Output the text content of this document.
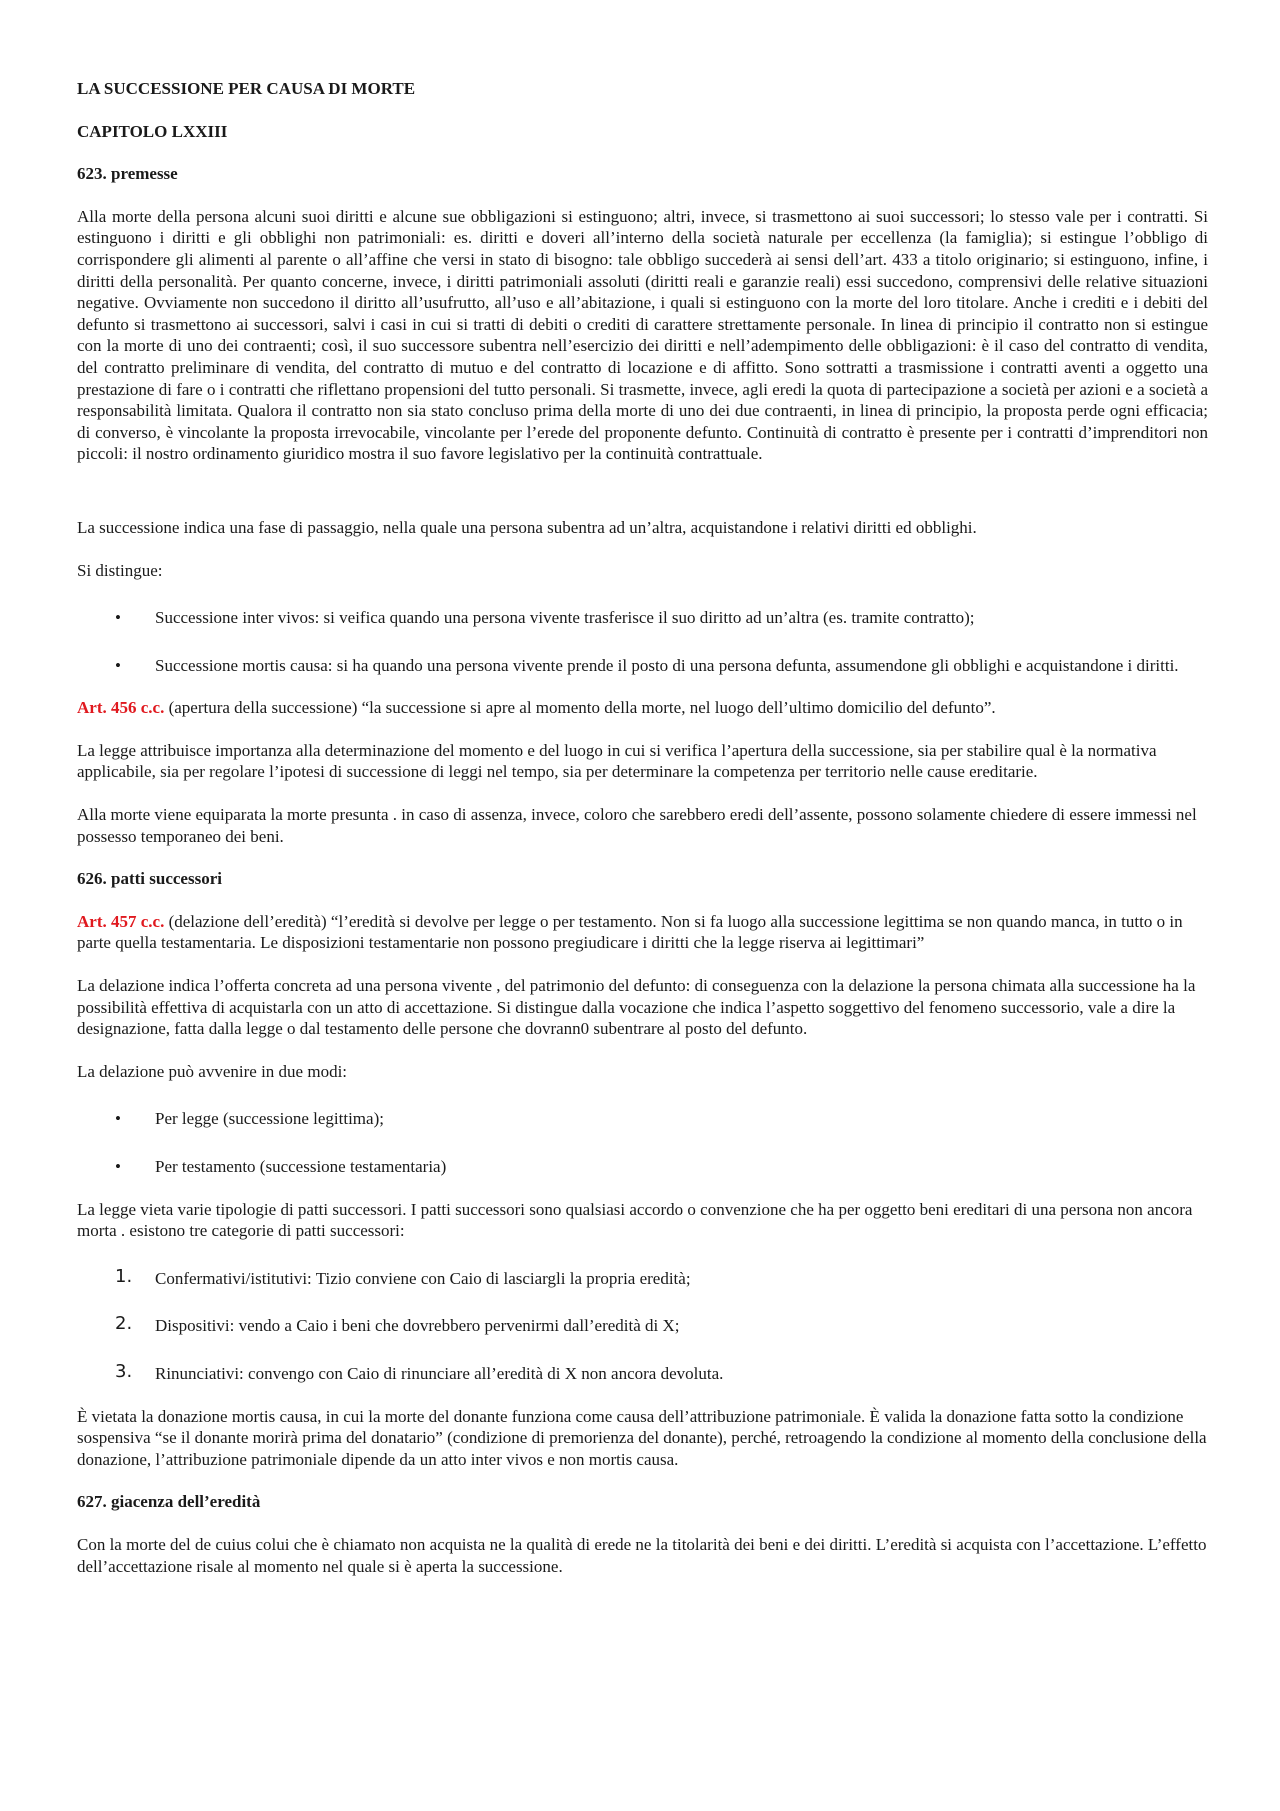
LA SUCCESSIONE PER CAUSA DI MORTE
CAPITOLO LXXIII
623. premesse

Alla morte della persona alcuni suoi diritti e alcune sue obbligazioni si estinguono; altri, invece, si trasmettono ai suoi successori; lo stesso vale per i contratti. Si estinguono i diritti e gli obblighi non patrimoniali: es. diritti e doveri all’interno della società naturale per eccellenza (la famiglia); si estingue l’obbligo di corrispondere gli alimenti al parente o all’affine che versi in stato di bisogno: tale obbligo succederà ai sensi dell’art. 433 a titolo originario; si estinguono, infine, i diritti della personalità. Per quanto concerne, invece, i diritti patrimoniali assoluti (diritti reali e garanzie reali) essi succedono, comprensivi delle relative situazioni negative. Ovviamente non succedono il diritto all’usufrutto, all’uso e all’abitazione, i quali si estinguono con la morte del loro titolare. Anche i crediti e i debiti del defunto si trasmettono ai successori, salvi i casi in cui si tratti di debiti o crediti di carattere strettamente personale. In linea di principio il contratto non si estingue con la morte di uno dei contraenti; così, il suo successore subentra nell’esercizio dei diritti e nell’adempimento delle obbligazioni: è il caso del contratto di vendita, del contratto preliminare di vendita, del contratto di mutuo e del contratto di locazione e di affitto. Sono sottratti a trasmissione i contratti aventi a oggetto una prestazione di fare o i contratti che riflettano propensioni del tutto personali. Si trasmette, invece, agli eredi la quota di partecipazione a società per azioni e a società a responsabilità limitata. Qualora il contratto non sia stato concluso prima della morte di uno dei due contraenti, in linea di principio, la proposta perde ogni efficacia; di converso, è vincolante la proposta irrevocabile, vincolante per l’erede del proponente defunto. Continuità di contratto è presente per i contratti d’imprenditori non piccoli: il nostro ordinamento giuridico mostra il suo favore legislativo per la continuità contrattuale.

La successione indica una fase di passaggio, nella quale una persona subentra ad un’altra, acquistandone i relativi diritti ed obblighi.

Si distingue:

• Successione inter vivos: si veifica quando una persona vivente trasferisce il suo diritto ad un’altra (es. tramite contratto);
• Successione mortis causa: si ha quando una persona vivente prende il posto di una persona defunta, assumendone gli obblighi e acquistandone i diritti.

Art. 456 c.c. (apertura della successione) “la successione si apre al momento della morte, nel luogo dell’ultimo domicilio del defunto”.

La legge attribuisce importanza alla determinazione del momento e del luogo in cui si verifica l’apertura della successione, sia per stabilire qual è la normativa applicabile, sia per regolare l’ipotesi di successione di leggi nel tempo, sia per determinare la competenza per territorio nelle cause ereditarie.

Alla morte viene equiparata la morte presunta . in caso di assenza, invece, coloro che sarebbero eredi dell’assente, possono solamente chiedere di essere immessi nel possesso temporaneo dei beni.

626. patti successori

Art. 457 c.c. (delazione dell’eredità) “l’eredità si devolve per legge o per testamento. Non si fa luogo alla successione legittima se non quando manca, in tutto o in parte quella testamentaria. Le disposizioni testamentarie non possono pregiudicare i diritti che la legge riserva ai legittimari”

La delazione indica l’offerta concreta ad una persona vivente , del patrimonio del defunto: di conseguenza con la delazione la persona chimata alla successione ha la possibilità effettiva di acquistarla con un atto di accettazione. Si distingue dalla vocazione che indica l’aspetto soggettivo del fenomeno successorio, vale a dire la designazione, fatta dalla legge o dal testamento delle persone che dovrann0 subentrare al posto del defunto.

La delazione può avvenire in due modi:

• Per legge (successione legittima);
• Per testamento (successione testamentaria)

La legge vieta varie tipologie di patti successori. I patti successori sono qualsiasi accordo o convenzione che ha per oggetto beni ereditari di una persona non ancora morta . esistono tre categorie di patti successori:

1. Confermativi/istitutivi: Tizio conviene con Caio di lasciargli la propria eredità;
2. Dispositivi: vendo a Caio i beni che dovrebbero pervenirmi dall’eredità di X;
3. Rinunciativi: convengo con Caio di rinunciare all’eredità di X non ancora devoluta.

È vietata la donazione mortis causa, in cui la morte del donante funziona come causa dell’attribuzione patrimoniale. È valida la donazione fatta sotto la condizione sospensiva “se il donante morirà prima del donatario” (condizione di premorienza del donante), perché, retroagendo la condizione al momento della conclusione della donazione, l’attribuzione patrimoniale dipende da un atto inter vivos e non mortis causa.

627. giacenza dell’eredità

Con la morte del de cuius colui che è chiamato non acquista ne la qualità di erede ne la titolarità dei beni e dei diritti. L’eredità si acquista con l’accettazione. L’effetto dell’accettazione risale al momento nel quale si è aperta la successione.
